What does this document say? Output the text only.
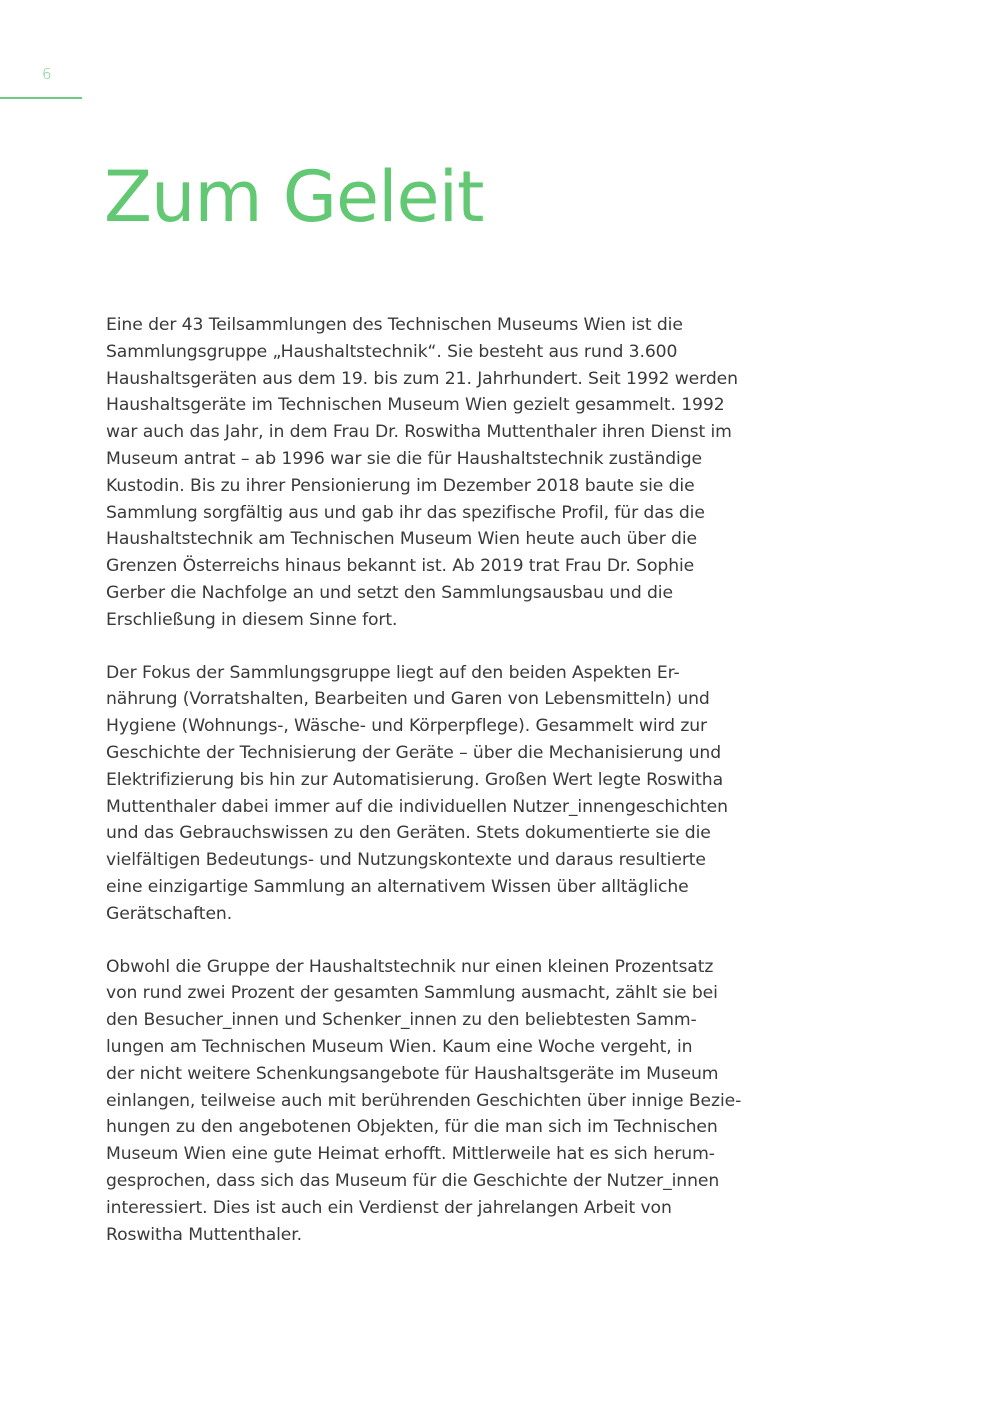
6
Zum Geleit

Eine der 43 Teilsammlungen des Technischen Museums Wien ist die
Sammlungsgruppe „Haushaltstechnik“. Sie besteht aus rund 3.600
Haushaltsgeräten aus dem 19. bis zum 21. Jahrhundert. Seit 1992 werden
Haushaltsgeräte im Technischen Museum Wien gezielt gesammelt. 1992
war auch das Jahr, in dem Frau Dr. Roswitha Muttenthaler ihren Dienst im
Museum antrat – ab 1996 war sie die für Haushaltstechnik zuständige
Kustodin. Bis zu ihrer Pensionierung im Dezember 2018 baute sie die
Sammlung sorgfältig aus und gab ihr das spezifische Profil, für das die
Haushaltstechnik am Technischen Museum Wien heute auch über die
Grenzen Österreichs hinaus bekannt ist. Ab 2019 trat Frau Dr. Sophie
Gerber die Nachfolge an und setzt den Sammlungsausbau und die
Erschließung in diesem Sinne fort.

Der Fokus der Sammlungsgruppe liegt auf den beiden Aspekten Er-
nährung (Vorratshalten, Bearbeiten und Garen von Lebensmitteln) und
Hygiene (Wohnungs-, Wäsche- und Körperpflege). Gesammelt wird zur
Geschichte der Technisierung der Geräte – über die Mechanisierung und
Elektrifizierung bis hin zur Automatisierung. Großen Wert legte Roswitha
Muttenthaler dabei immer auf die individuellen Nutzer_innengeschichten
und das Gebrauchswissen zu den Geräten. Stets dokumentierte sie die
vielfältigen Bedeutungs- und Nutzungskontexte und daraus resultierte
eine einzigartige Sammlung an alternativem Wissen über alltägliche
Gerätschaften.

Obwohl die Gruppe der Haushaltstechnik nur einen kleinen Prozentsatz
von rund zwei Prozent der gesamten Sammlung ausmacht, zählt sie bei
den Besucher_innen und Schenker_innen zu den beliebtesten Samm-
lungen am Technischen Museum Wien. Kaum eine Woche vergeht, in
der nicht weitere Schenkungsangebote für Haushaltsgeräte im Museum
einlangen, teilweise auch mit berührenden Geschichten über innige Bezie-
hungen zu den angebotenen Objekten, für die man sich im Technischen
Museum Wien eine gute Heimat erhofft. Mittlerweile hat es sich herum-
gesprochen, dass sich das Museum für die Geschichte der Nutzer_innen
interessiert. Dies ist auch ein Verdienst der jahrelangen Arbeit von
Roswitha Muttenthaler.
